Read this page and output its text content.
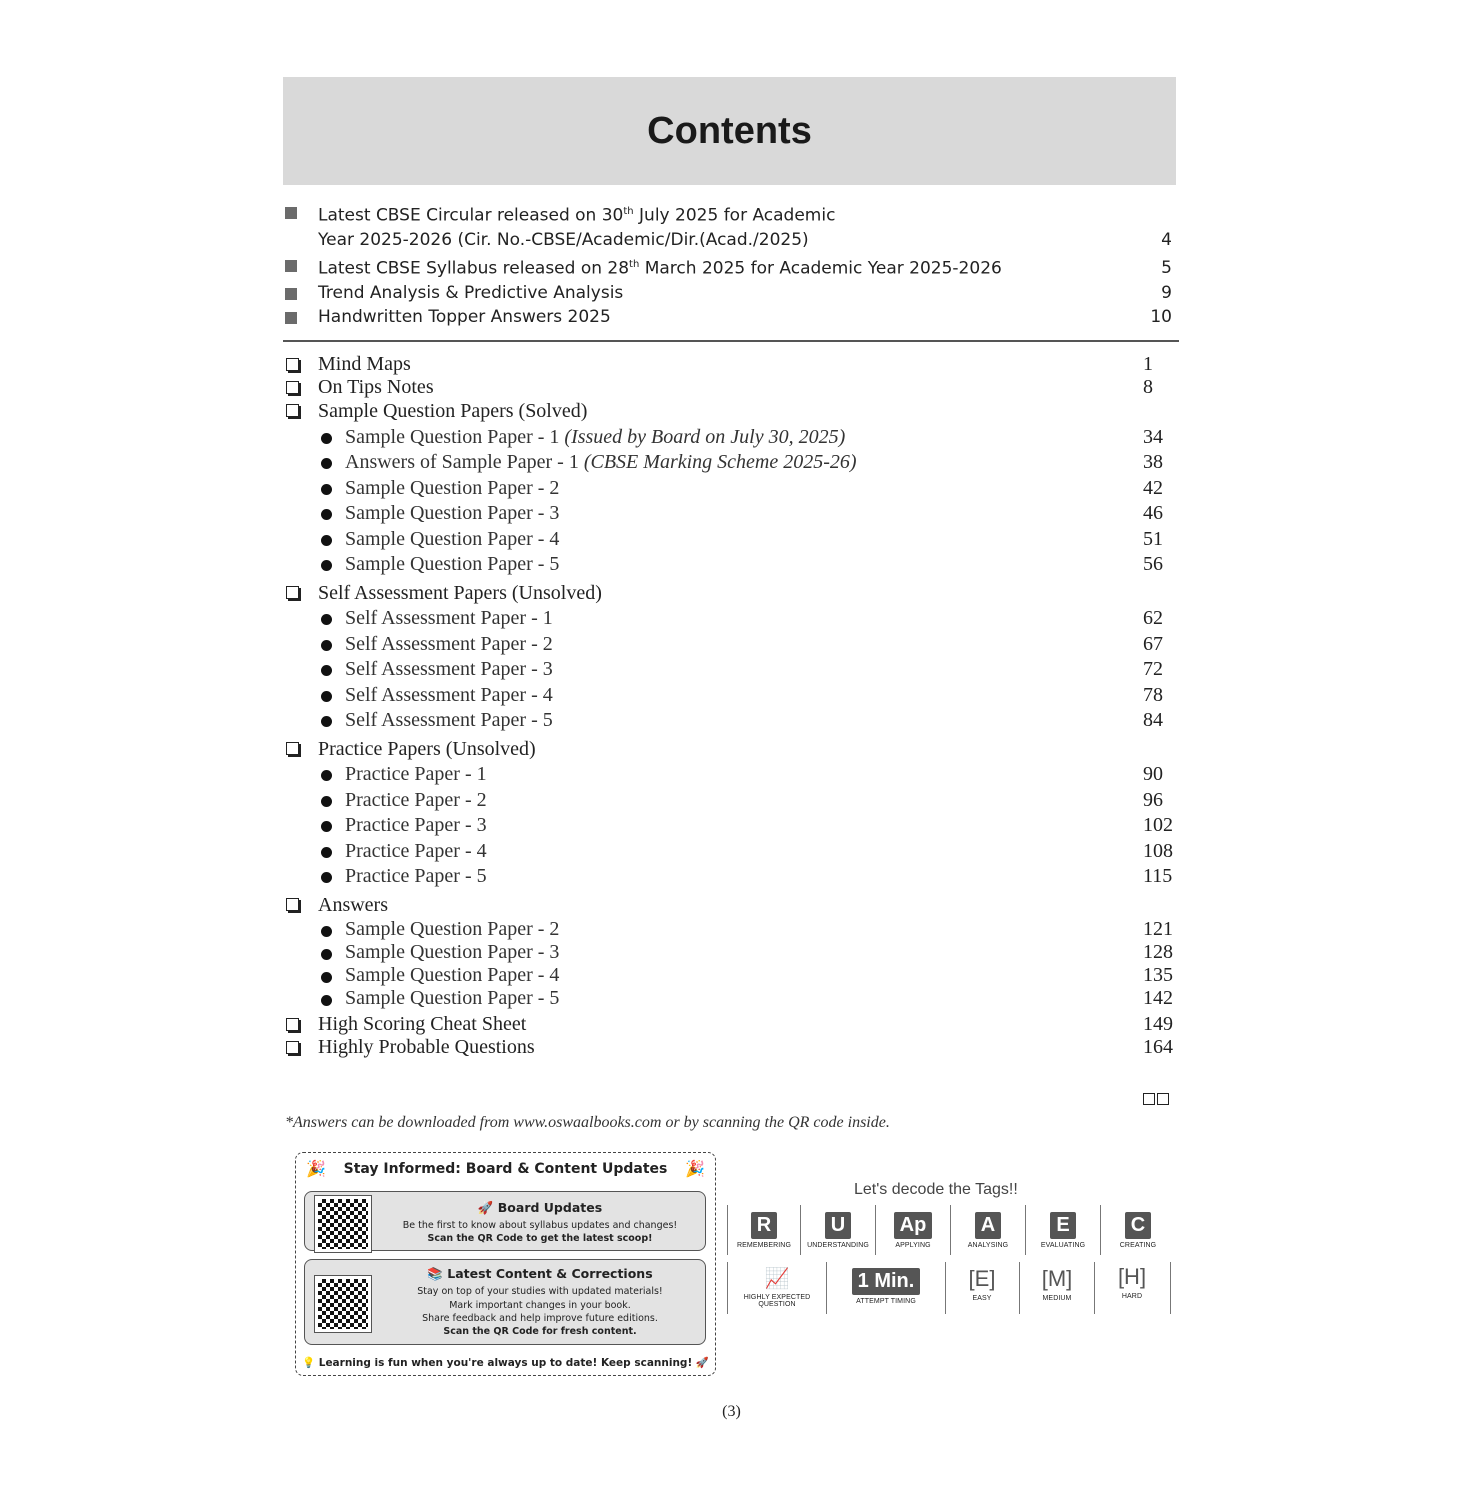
Contents
Latest CBSE Circular released on 30th July 2025 for Academic
Year 2025-2026 (Cir. No.-CBSE/Academic/Dir.(Acad./2025)	4
Latest CBSE Syllabus released on 28th March 2025 for Academic Year 2025-2026	5
Trend Analysis & Predictive Analysis	9
Handwritten Topper Answers 2025	10
Mind Maps	1
On Tips Notes	8
Sample Question Papers (Solved)
Sample Question Paper - 1 (Issued by Board on July 30, 2025)	34
Answers of Sample Paper - 1 (CBSE Marking Scheme 2025-26)	38
Sample Question Paper - 2	42
Sample Question Paper - 3	46
Sample Question Paper - 4	51
Sample Question Paper - 5	56
Self Assessment Papers (Unsolved)
Self Assessment Paper - 1	62
Self Assessment Paper - 2	67
Self Assessment Paper - 3	72
Self Assessment Paper - 4	78
Self Assessment Paper - 5	84
Practice Papers (Unsolved)
Practice Paper - 1	90
Practice Paper - 2	96
Practice Paper - 3	102
Practice Paper - 4	108
Practice Paper - 5	115
Answers
Sample Question Paper - 2	121
Sample Question Paper - 3	128
Sample Question Paper - 4	135
Sample Question Paper - 5	142
High Scoring Cheat Sheet	149
Highly Probable Questions	164
*Answers can be downloaded from www.oswaalbooks.com or by scanning the QR code inside.
🎉	🎉
Stay Informed: Board & Content Updates
🚀 Board Updates
Be the first to know about syllabus updates and changes!
Scan the QR Code to get the latest scoop!
📚 Latest Content & Corrections
Stay on top of your studies with updated materials!
Mark important changes in your book.
Share feedback and help improve future editions.
Scan the QR Code for fresh content.
💡 Learning is fun when you're always up to date! Keep scanning! 🚀
Let's decode the Tags!!
R
REMEMBERING
U
UNDERSTANDING
Ap
APPLYING
A
ANALYSING
E
EVALUATING
C
CREATING
📈
HIGHLY EXPECTED QUESTION
1 Min.
ATTEMPT TIMING
[E]
EASY
[M]
MEDIUM
[H]
HARD
(3)
